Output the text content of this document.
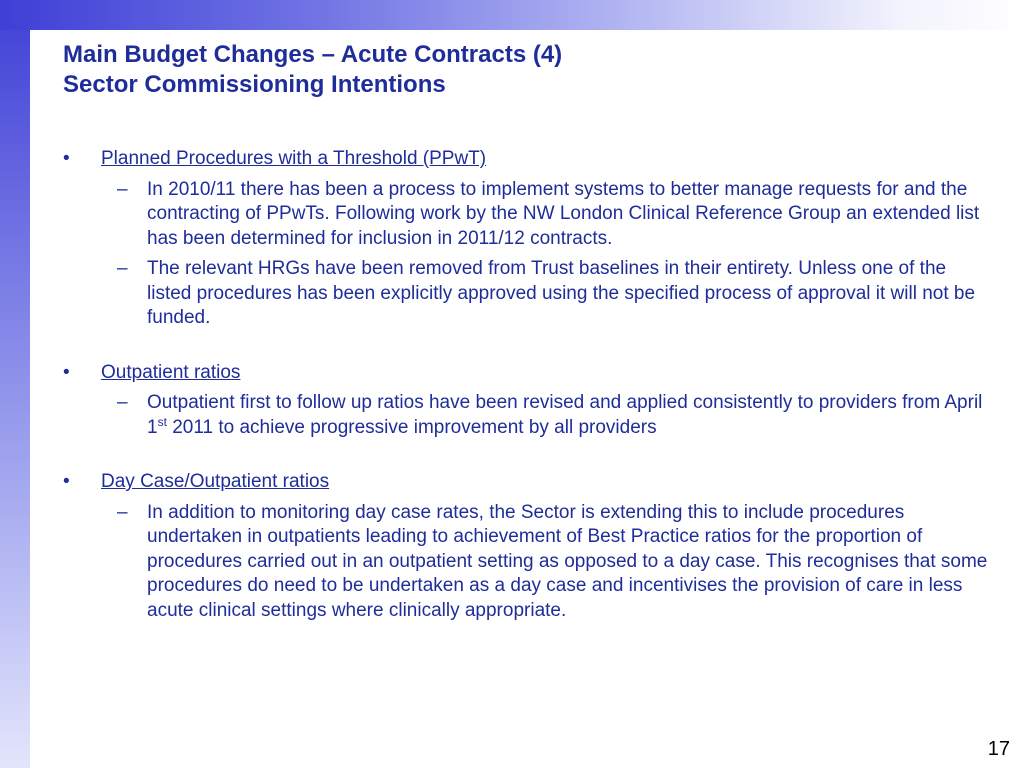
Main Budget Changes – Acute Contracts (4)
Sector Commissioning Intentions
• Planned Procedures with a Threshold (PPwT)
– In 2010/11 there has been a process to implement systems to better manage requests for and the contracting of PPwTs. Following work by the NW London Clinical Reference Group an extended list has been determined for inclusion in 2011/12 contracts.
– The relevant HRGs have been removed from Trust baselines in their entirety. Unless one of the listed procedures has been explicitly approved using the specified process of approval it will not be funded.
• Outpatient ratios
– Outpatient first to follow up ratios have been revised and applied consistently to providers from April 1st 2011 to achieve progressive improvement by all providers
• Day Case/Outpatient ratios
– In addition to monitoring day case rates, the Sector is extending this to include procedures undertaken in outpatients leading to achievement of Best Practice ratios for the proportion of procedures carried out in an outpatient setting as opposed to a day case. This recognises that some procedures do need to be undertaken as a day case and incentivises the provision of care in less acute clinical settings where clinically appropriate.
17
